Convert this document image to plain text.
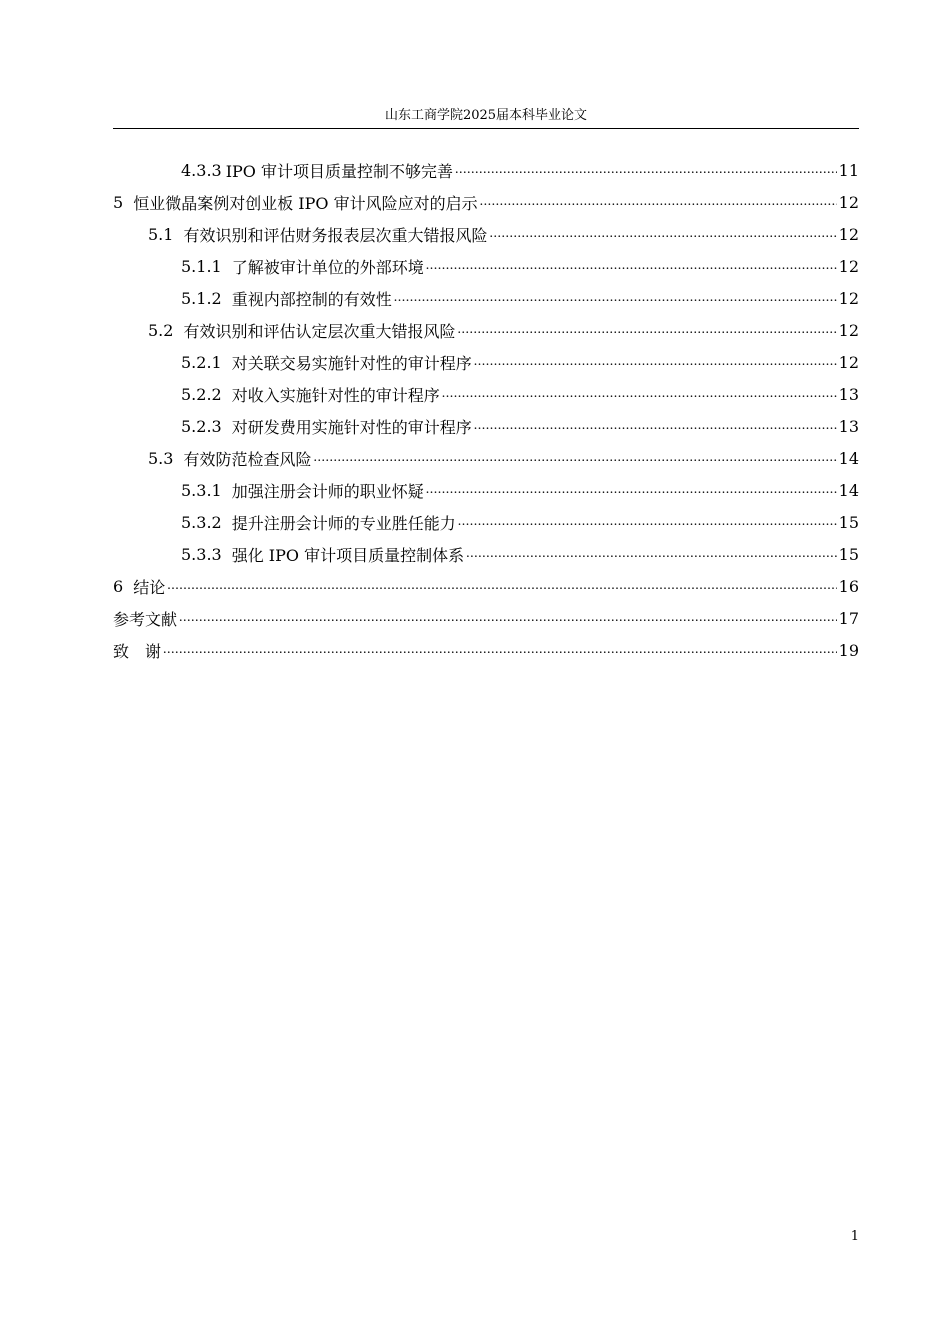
山东工商学院2025届本科毕业论文
4.3.3 IPO 审计项目质量控制不够完善 .....	11
5 恒业微晶案例对创业板 IPO 审计风险应对的启示 .....	12
5.1 有效识别和评估财务报表层次重大错报风险 .....	12
5.1.1 了解被审计单位的外部环境 .....	12
5.1.2 重视内部控制的有效性 .....	12
5.2 有效识别和评估认定层次重大错报风险 .....	12
5.2.1 对关联交易实施针对性的审计程序 .....	12
5.2.2 对收入实施针对性的审计程序 .....	13
5.2.3 对研发费用实施针对性的审计程序 .....	13
5.3 有效防范检查风险 .....	14
5.3.1 加强注册会计师的职业怀疑 .....	14
5.3.2 提升注册会计师的专业胜任能力 .....	15
5.3.3 强化 IPO 审计项目质量控制体系 .....	15
6 结论 .....	16
参考文献 .....	17
致　谢 .....	19
1
